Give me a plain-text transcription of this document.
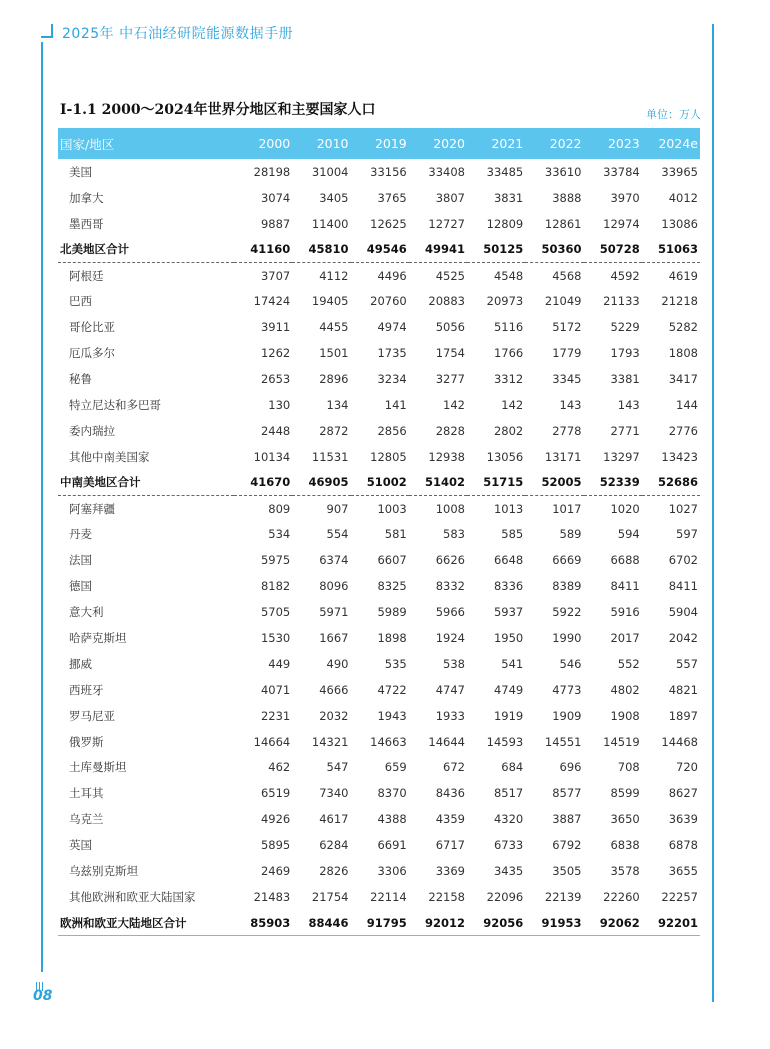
2025年 中石油经研院能源数据手册
08
I-1.1 2000～2024年世界分地区和主要国家人口	单位：万人
国家/地区	2000	2010	2019	2020	2021	2022	2023	2024e
美国	28198	31004	33156	33408	33485	33610	33784	33965
加拿大	3074	3405	3765	3807	3831	3888	3970	4012
墨西哥	9887	11400	12625	12727	12809	12861	12974	13086
北美地区合计	41160	45810	49546	49941	50125	50360	50728	51063
阿根廷	3707	4112	4496	4525	4548	4568	4592	4619
巴西	17424	19405	20760	20883	20973	21049	21133	21218
哥伦比亚	3911	4455	4974	5056	5116	5172	5229	5282
厄瓜多尔	1262	1501	1735	1754	1766	1779	1793	1808
秘鲁	2653	2896	3234	3277	3312	3345	3381	3417
特立尼达和多巴哥	130	134	141	142	142	143	143	144
委内瑞拉	2448	2872	2856	2828	2802	2778	2771	2776
其他中南美国家	10134	11531	12805	12938	13056	13171	13297	13423
中南美地区合计	41670	46905	51002	51402	51715	52005	52339	52686
阿塞拜疆	809	907	1003	1008	1013	1017	1020	1027
丹麦	534	554	581	583	585	589	594	597
法国	5975	6374	6607	6626	6648	6669	6688	6702
德国	8182	8096	8325	8332	8336	8389	8411	8411
意大利	5705	5971	5989	5966	5937	5922	5916	5904
哈萨克斯坦	1530	1667	1898	1924	1950	1990	2017	2042
挪威	449	490	535	538	541	546	552	557
西班牙	4071	4666	4722	4747	4749	4773	4802	4821
罗马尼亚	2231	2032	1943	1933	1919	1909	1908	1897
俄罗斯	14664	14321	14663	14644	14593	14551	14519	14468
土库曼斯坦	462	547	659	672	684	696	708	720
土耳其	6519	7340	8370	8436	8517	8577	8599	8627
乌克兰	4926	4617	4388	4359	4320	3887	3650	3639
英国	5895	6284	6691	6717	6733	6792	6838	6878
乌兹别克斯坦	2469	2826	3306	3369	3435	3505	3578	3655
其他欧洲和欧亚大陆国家	21483	21754	22114	22158	22096	22139	22260	22257
欧洲和欧亚大陆地区合计	85903	88446	91795	92012	92056	91953	92062	92201
